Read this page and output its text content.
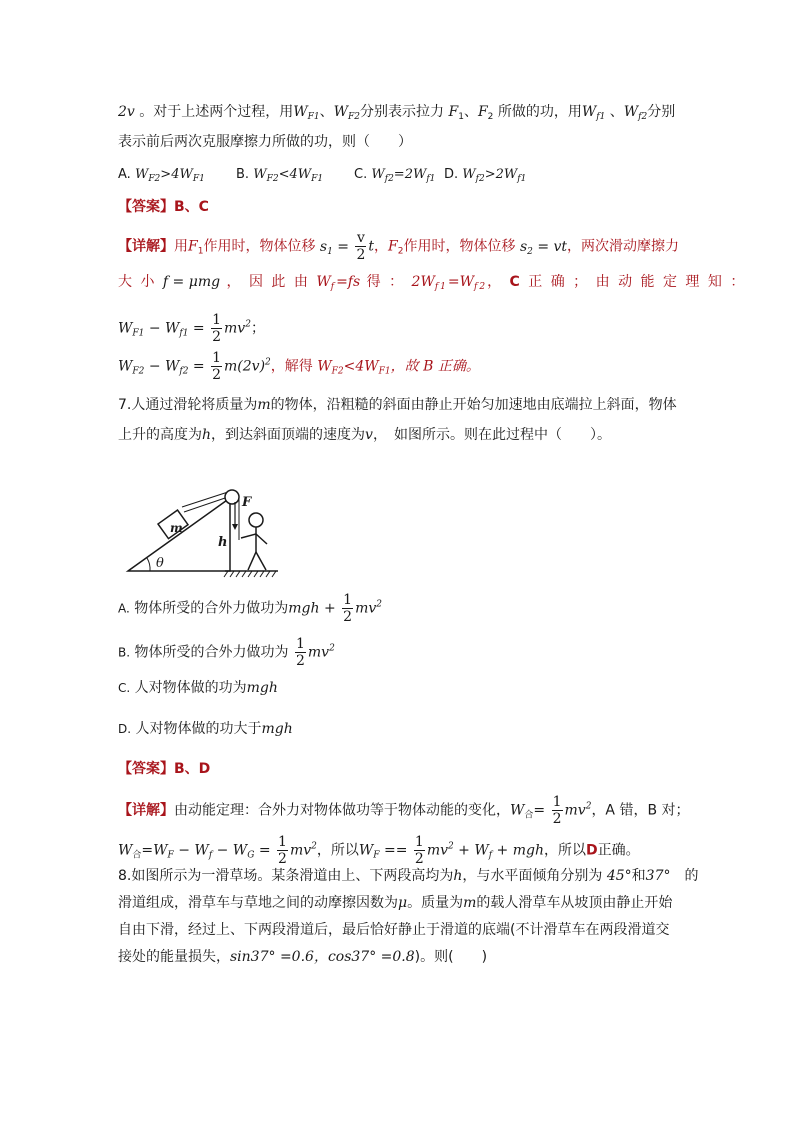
2v 。对于上述两个过程，用$W_{F1}$、$W_{F2}$分别表示拉力 $F_1$、$F_2$ 所做的功，用$W_{f1}$ 、$W_{f2}$分别
表示前后两次克服摩擦力所做的功，则（　　）
A. $W_{F2}>4W_{F1}$ B. $W_{F2}<4W_{F1}$ C. $W_{f2}=2W_{f1}$ D. $W_{f2}>2W_{f1}$
【答案】B、C
【详解】用$F_1$作用时，物体位移 $s_1 = \frac{v}{2}$ t，$F_2$作用时，物体位移 $s_2$ = vt，两次滑动摩擦力
大 小 f = μmg ， 因 此 由 $W_f=fs$ 得 ： $2W_{f1}=W_{f2}$， C 正 确 ； 由 动 能 定 理 知 ：
$W_{F1} - W_{f1} = \frac{1}{2} mv^2$；
$W_{F2} - W_{f2} = \frac{1}{2} m(2v)^2$，解得 $W_{F2}<4W_{F1}$，故 B 正确。
7.人通过滑轮将质量为m的物体，沿粗糙的斜面由静止开始匀加速地由底端拉上斜面，物体
上升的高度为h，到达斜面顶端的速度为v，　如图所示。则在此过程中（　　）。
θ
m
F
h
A. 物体所受的合外力做功为mgh + $\frac{1}{2} mv^2$
B. 物体所受的合外力做功为 $\frac{1}{2} mv^2$
C. 人对物体做的功为mgh
D. 人对物体做的功大于mgh
【答案】B、D
【详解】由动能定理：合外力对物体做功等于物体动能的变化，$W_合= \frac{1}{2} mv^2$，A 错，B 对；
$W_合=W_F - W_f - W_G = \frac{1}{2} mv^2$，所以$W_F == \frac{1}{2} mv^2 + W_f$ + mgh，所以D正确。
8.如图所示为一滑草场。某条滑道由上、下两段高均为h，与水平面倾角分别为 45°和37°　的
滑道组成，滑草车与草地之间的动摩擦因数为μ。质量为m的载人滑草车从坡顶由静止开始
自由下滑，经过上、下两段滑道后，最后恰好静止于滑道的底端(不计滑草车在两段滑道交
接处的能量损失，sin37° =0.6，cos37° =0.8)。则(　　)
